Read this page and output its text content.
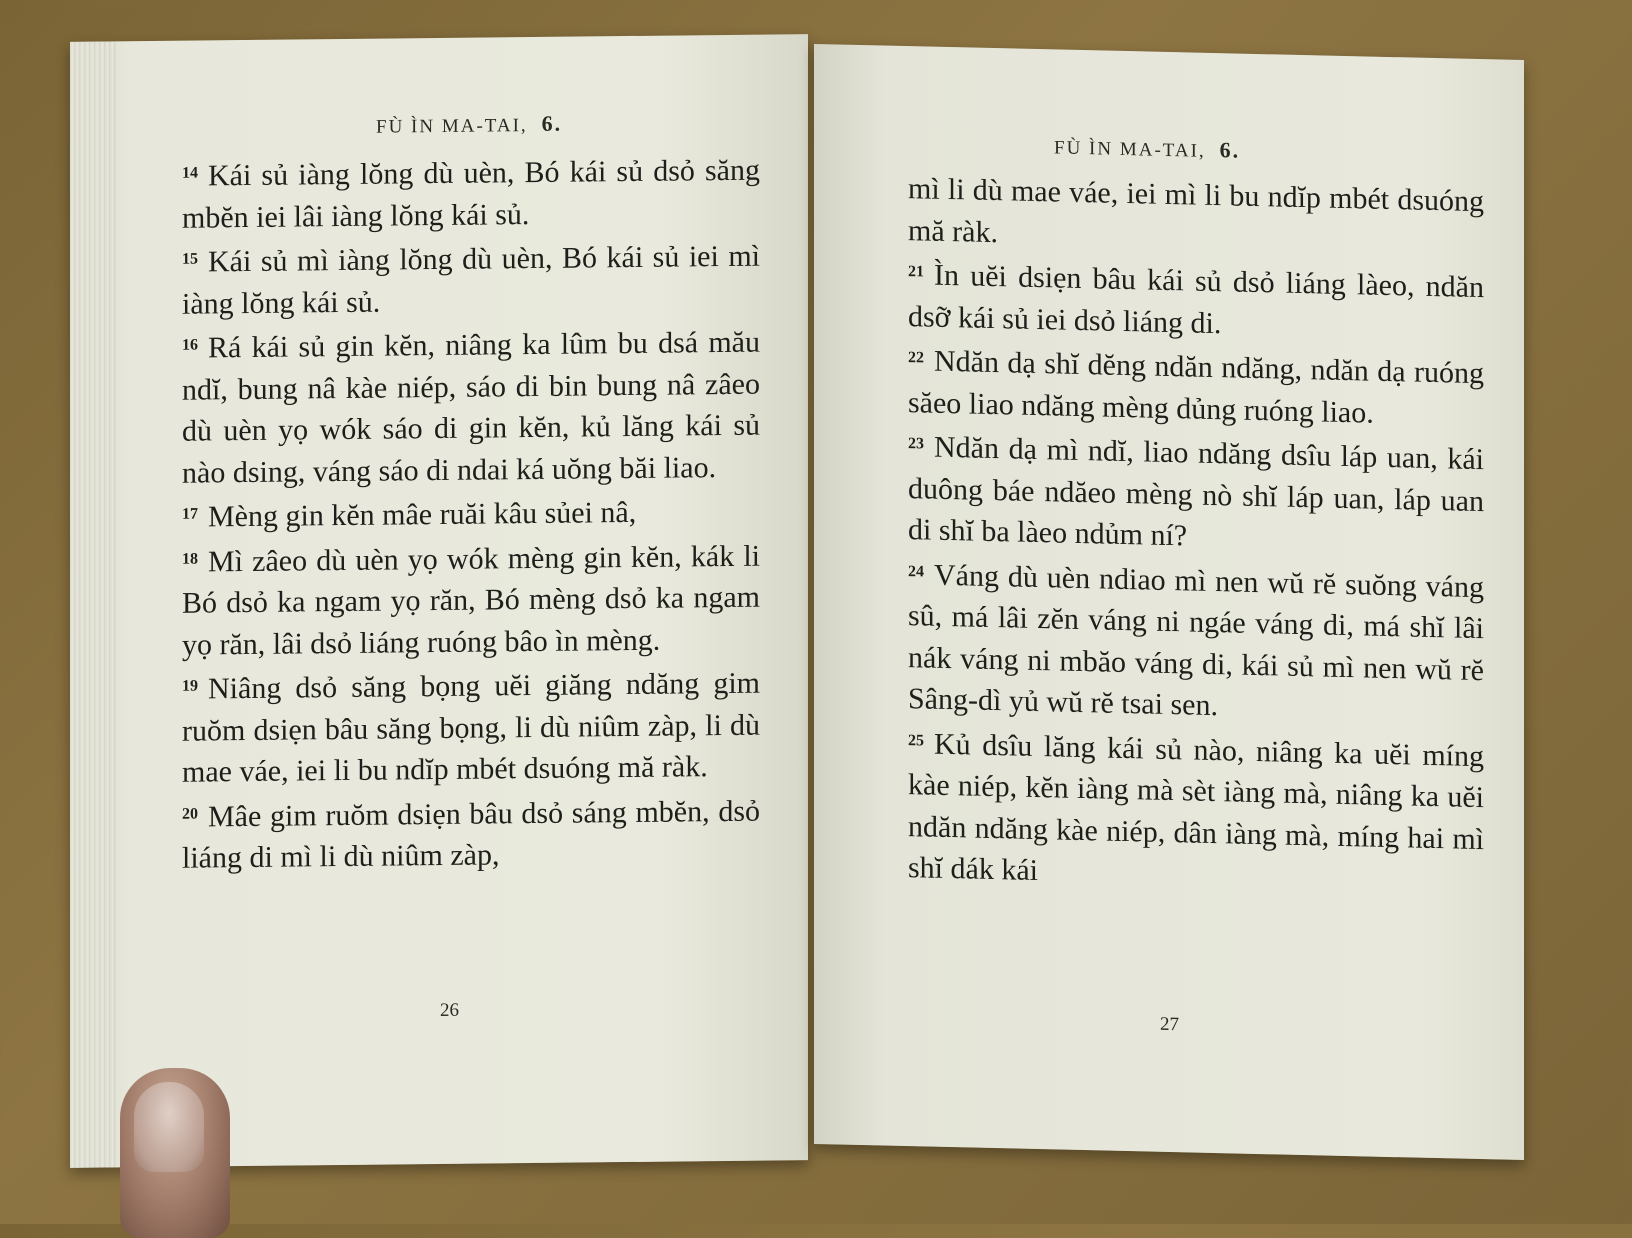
FÙ ÌN MA-TAI, 6.
$^{14}$ Kái sủ iàng lŏng dù uèn, Bó kái sủ dsỏ săng mbĕn iei lâi iàng lŏng kái sủ.
$^{15}$ Kái sủ mì iàng lŏng dù uèn, Bó kái sủ iei mì iàng lŏng kái sủ.
$^{16}$ Rá kái sủ gin kĕn, niâng ka lûm bu dsá mău ndĭ, bung nâ kàe niép, sáo di bin bung nâ zâeo dù uèn yọ wók sáo di gin kĕn, kủ lăng kái sủ nào dsing, váng sáo di ndai ká uŏng băi liao.
$^{17}$ Mèng gin kĕn mâe ruăi kâu sủei nâ,
$^{18}$ Mì zâeo dù uèn yọ wók mèng gin kĕn, kák li Bó dsỏ ka ngam yọ răn, Bó mèng dsỏ ka ngam yọ răn, lâi dsỏ liáng ruóng bâo ìn mèng.
$^{19}$ Niâng dsỏ săng bọng uĕi giăng ndăng gim ruŏm dsiẹn bâu săng bọng, li dù niûm zàp, li dù mae váe, iei li bu ndĭp mbét dsuóng mă ràk.
$^{20}$ Mâe gim ruŏm dsiẹn bâu dsỏ sáng mbĕn, dsỏ liáng di mì li dù niûm zàp,
26
FÙ ÌN MA-TAI, 6.
mì li dù mae váe, iei mì li bu ndĭp mbét dsuóng mă ràk.
$^{21}$ Ìn uĕi dsiẹn bâu kái sủ dsỏ liáng làeo, ndăn dsỡ kái sủ iei dsỏ liáng di.
$^{22}$ Ndăn dạ shĭ dĕng ndăn ndăng, ndăn dạ ruóng săeo liao ndăng mèng dủng ruóng liao.
$^{23}$ Ndăn dạ mì ndĭ, liao ndăng dsîu láp uan, kái duông báe ndăeo mèng nò shĭ láp uan, láp uan di shĭ ba làeo ndủm ní?
$^{24}$ Váng dù uèn ndiao mì nen wŭ rĕ suŏng váng sû, má lâi zĕn váng ni ngáe váng di, má shĭ lâi nák váng ni mbăo váng di, kái sủ mì nen wŭ rĕ Sâng-dì yủ wŭ rĕ tsai sen.
$^{25}$ Kủ dsîu lăng kái sủ nào, niâng ka uĕi míng kàe niép, kĕn iàng mà sèt iàng mà, niâng ka uĕi ndăn ndăng kàe niép, dân iàng mà, míng hai mì shĭ dák kái
27
